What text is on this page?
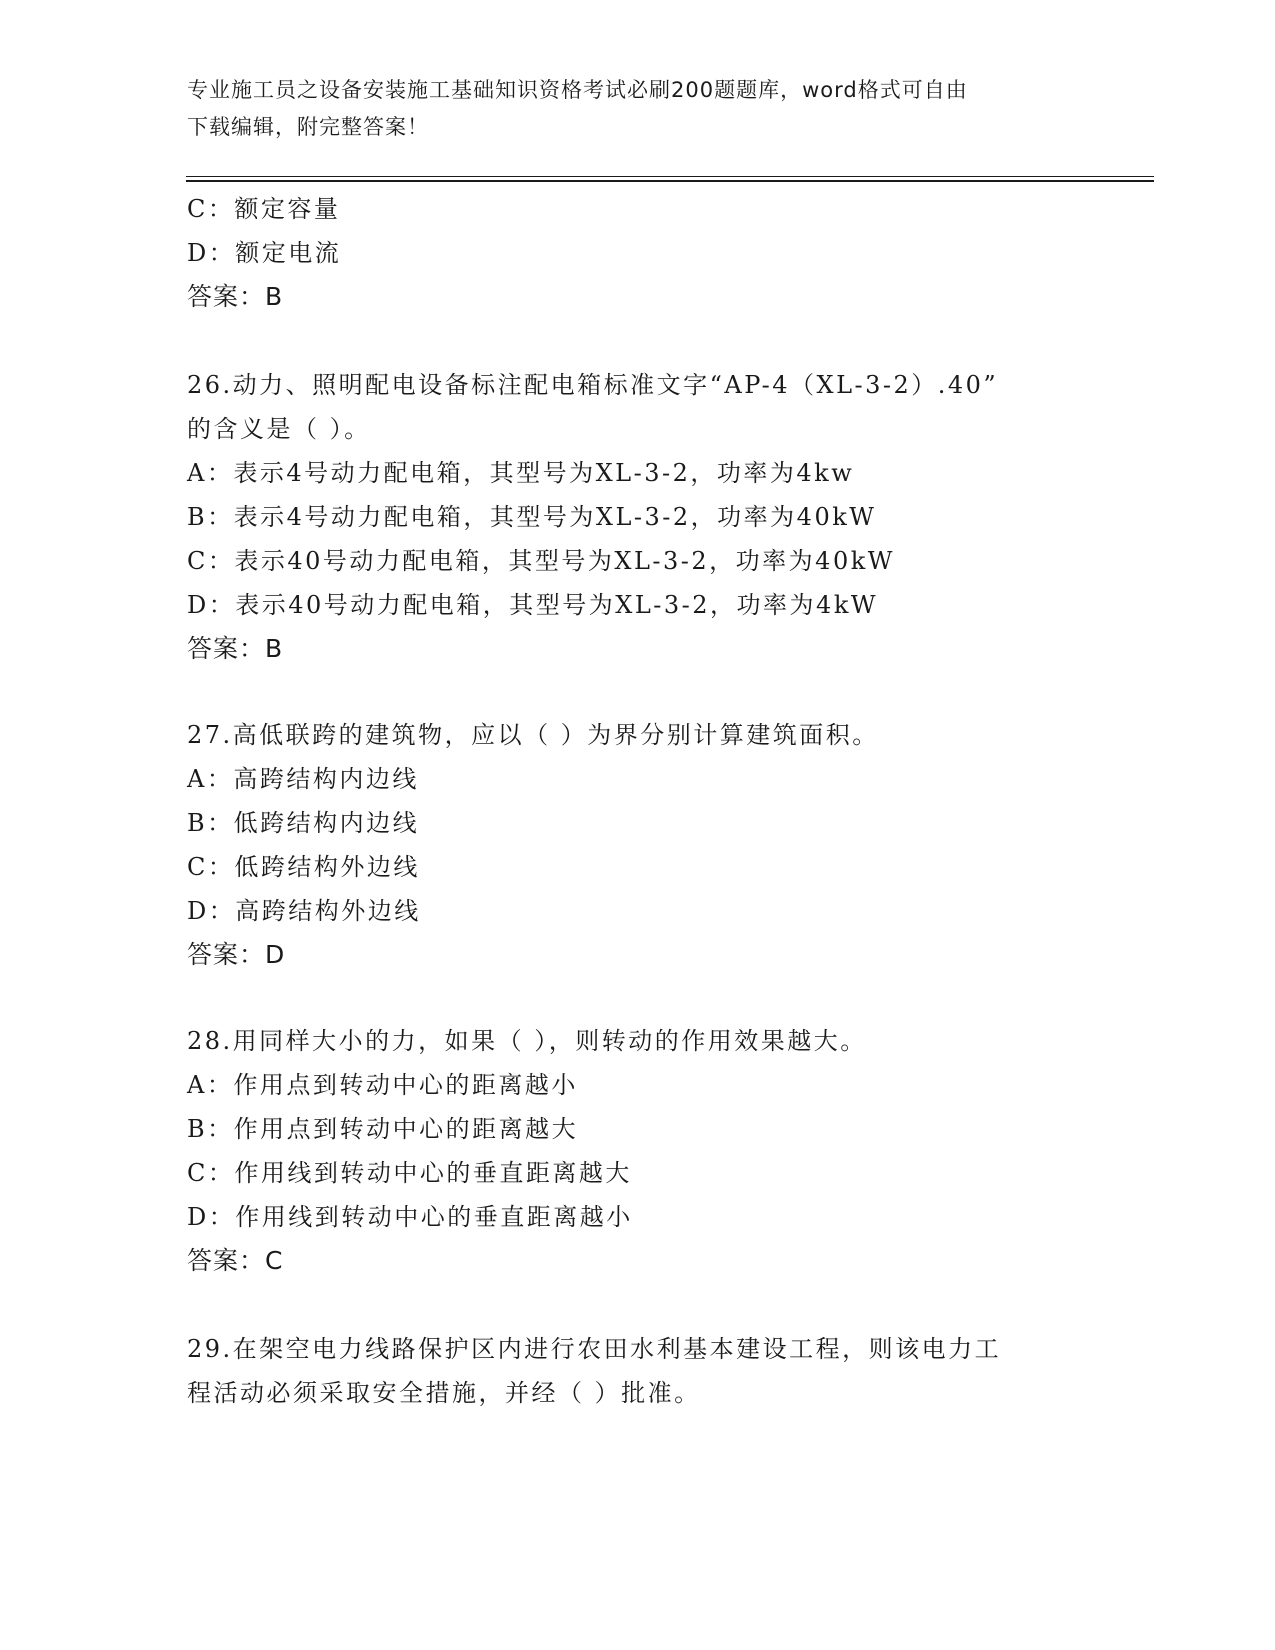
专业施工员之设备安装施工基础知识资格考试必刷200题题库，word格式可自由
下载编辑，附完整答案！
C：额定容量
D：额定电流
答案：B
26.动力、照明配电设备标注配电箱标准文字“AP-4（XL-3-2）.40”
的含义是（ ）。
A：表示4号动力配电箱，其型号为XL-3-2，功率为4kw
B：表示4号动力配电箱，其型号为XL-3-2，功率为40kW
C：表示40号动力配电箱，其型号为XL-3-2，功率为40kW
D：表示40号动力配电箱，其型号为XL-3-2，功率为4kW
答案：B
27.高低联跨的建筑物，应以（ ）为界分别计算建筑面积。
A：高跨结构内边线
B：低跨结构内边线
C：低跨结构外边线
D：高跨结构外边线
答案：D
28.用同样大小的力，如果（ ），则转动的作用效果越大。
A：作用点到转动中心的距离越小
B：作用点到转动中心的距离越大
C：作用线到转动中心的垂直距离越大
D：作用线到转动中心的垂直距离越小
答案：C
29.在架空电力线路保护区内进行农田水利基本建设工程，则该电力工
程活动必须采取安全措施，并经（ ）批准。
